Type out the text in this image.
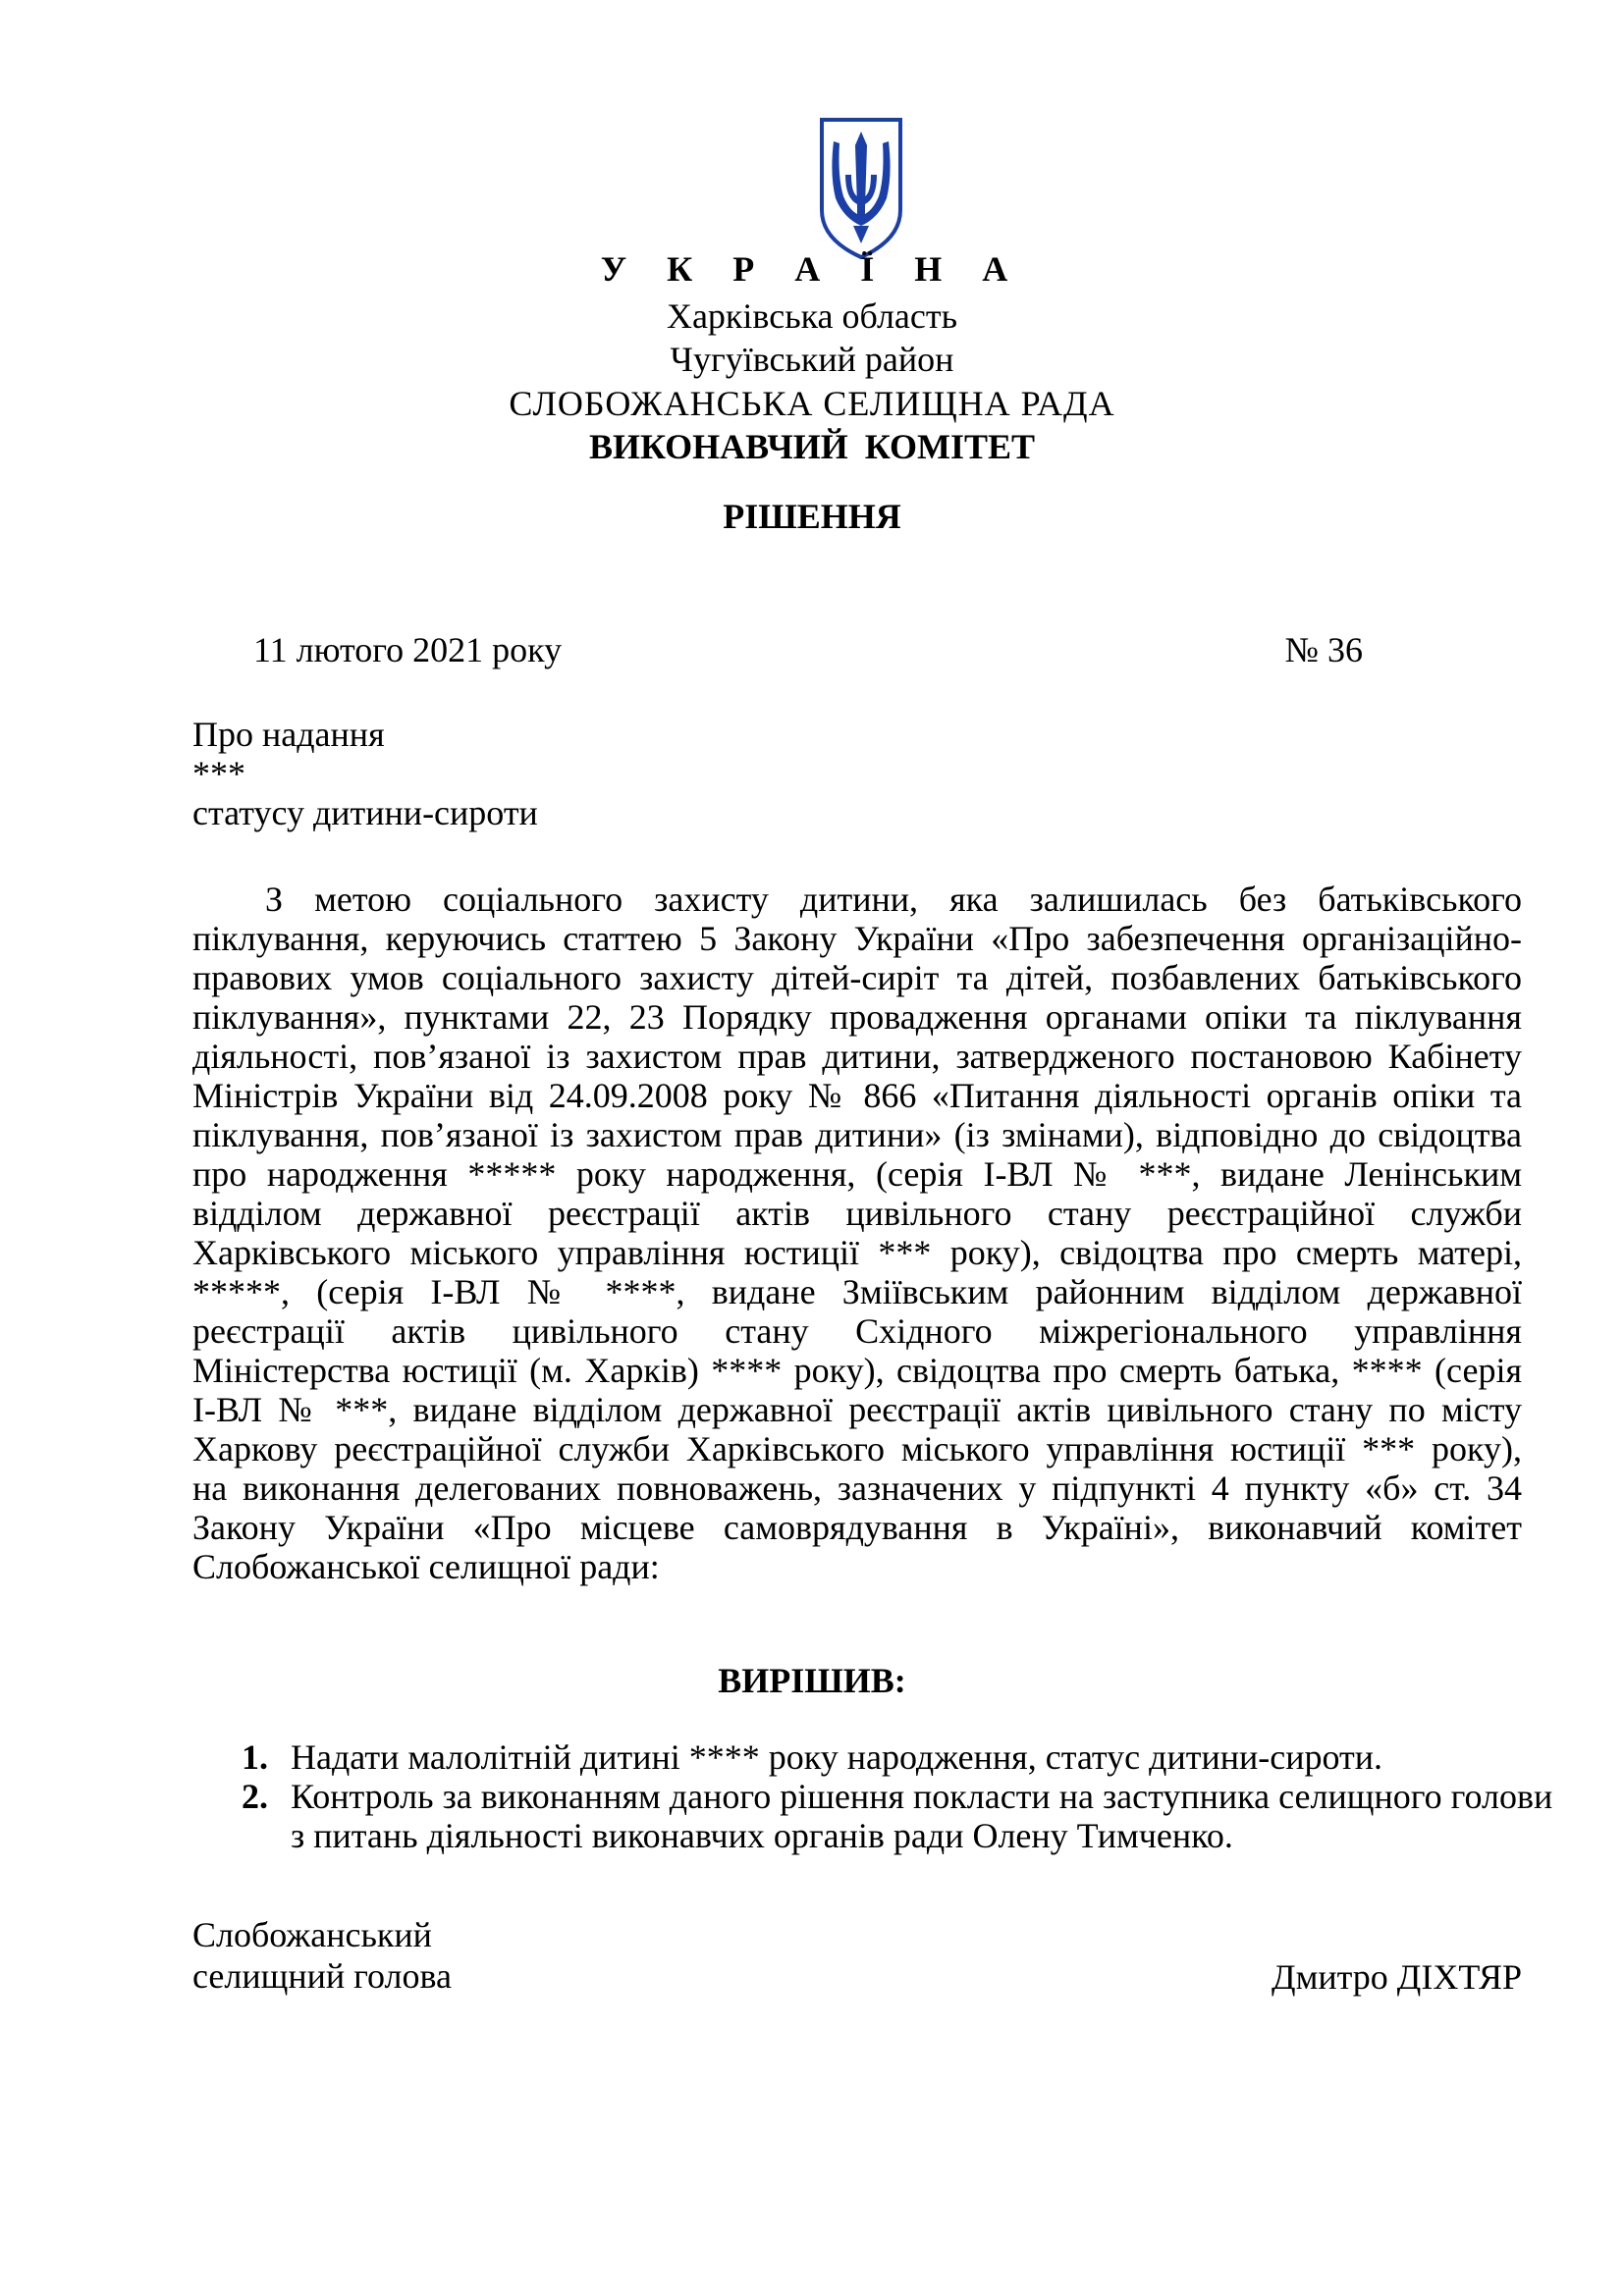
У К Р А Ї Н А
Харківська область
Чугуївський район
СЛОБОЖАНСЬКА СЕЛИЩНА РАДА
ВИКОНАВЧИЙ КОМІТЕТ
РІШЕННЯ
11 лютого 2021 року	№ 36
Про надання
***
статусу дитини-сироти
З метою соціального захисту дитини, яка залишилась без батьківського
піклування, керуючись статтею 5 Закону України «Про забезпечення організаційно-
правових умов соціального захисту дітей-сиріт та дітей, позбавлених батьківського
піклування», пунктами 22, 23 Порядку провадження органами опіки та піклування
діяльності, пов’язаної із захистом прав дитини, затвердженого постановою Кабінету
Міністрів України від 24.09.2008 року № 866 «Питання діяльності органів опіки та
піклування, пов’язаної із захистом прав дитини» (із змінами), відповідно до свідоцтва
про народження ***** року народження, (серія І-ВЛ № ***, видане Ленінським
відділом державної реєстрації актів цивільного стану реєстраційної служби
Харківського міського управління юстиції *** року), свідоцтва про смерть матері,
*****, (серія І-ВЛ № ****, видане Зміївським районним відділом державної
реєстрації актів цивільного стану Східного міжрегіонального управління
Міністерства юстиції (м. Харків) **** року), свідоцтва про смерть батька, **** (серія
І-ВЛ № ***, видане відділом державної реєстрації актів цивільного стану по місту
Харкову реєстраційної служби Харківського міського управління юстиції *** року),
на виконання делегованих повноважень, зазначених у підпункті 4 пункту «б» ст. 34
Закону України «Про місцеве самоврядування в Україні», виконавчий комітет
Слобожанської селищної ради:
ВИРІШИВ:
1. Надати малолітній дитині **** року народження, статус дитини-сироти.
2. Контроль за виконанням даного рішення покласти на заступника селищного голови
з питань діяльності виконавчих органів ради Олену Тимченко.
Слобожанський
селищний голова	Дмитро ДІХТЯР
